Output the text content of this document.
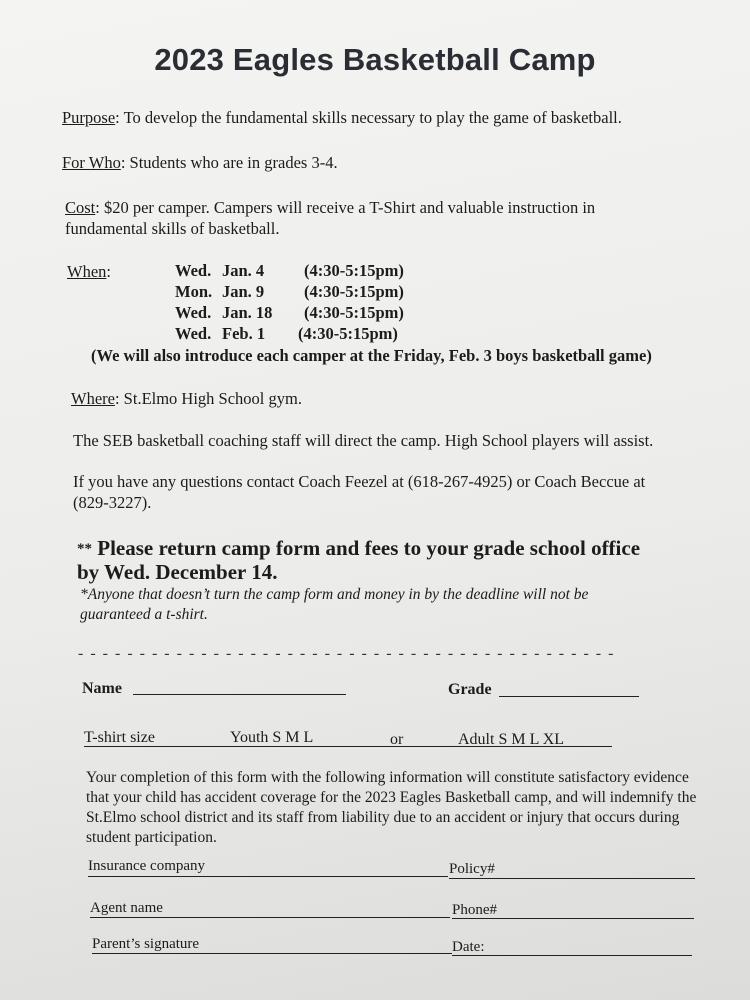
2023 Eagles Basketball Camp
Purpose: To develop the fundamental skills necessary to play the game of basketball.
For Who: Students who are in grades 3-4.
Cost: $20 per camper. Campers will receive a T-Shirt and valuable instruction in
fundamental skills of basketball.
When:	Wed. Jan. 4 (4:30-5:15pm)
Mon. Jan. 9 (4:30-5:15pm)
Wed. Jan. 18 (4:30-5:15pm)
Wed. Feb. 1 (4:30-5:15pm)
(We will also introduce each camper at the Friday, Feb. 3 boys basketball game)
Where: St.Elmo High School gym.
The SEB basketball coaching staff will direct the camp. High School players will assist.
If you have any questions contact Coach Feezel at (618-267-4925) or Coach Beccue at
(829-3227).
** Please return camp form and fees to your grade school office
by Wed. December 14.
*Anyone that doesn’t turn the camp form and money in by the deadline will not be
guaranteed a t-shirt.
- - - - - - - - - - - - - - - - - - - - - - - - - - - - - - - - - - - - - - - - - - - -
Name	Grade
T-shirt size	Youth S M L	or	Adult S M L XL
Your completion of this form with the following information will constitute satisfactory evidence that your child has accident coverage for the 2023 Eagles Basketball camp, and will indemnify the St.Elmo school district and its staff from liability due to an accident or injury that occurs during student participation.
Insurance company	Policy#
Agent name	Phone#
Parent’s signature	Date:
